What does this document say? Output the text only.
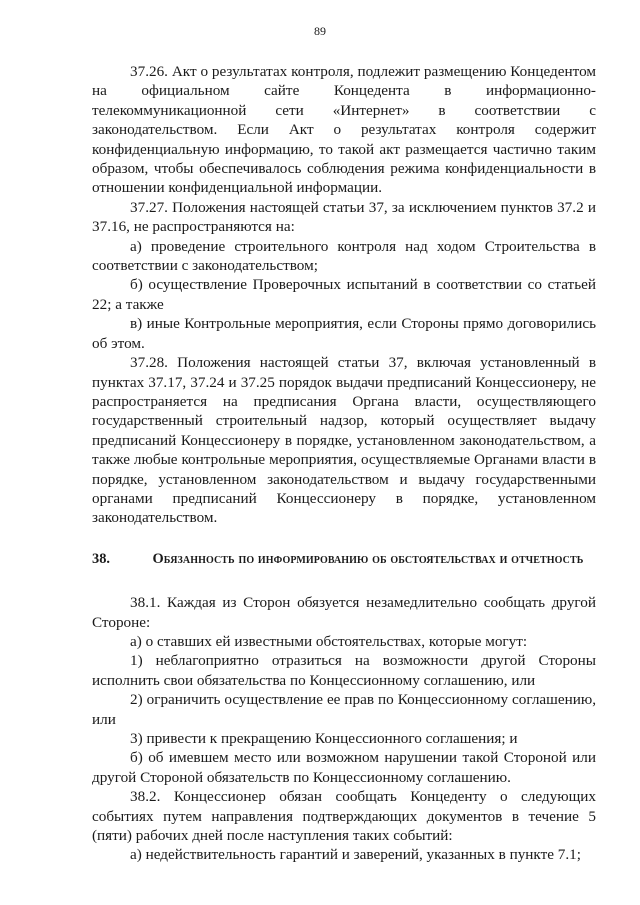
89

37.26. Акт о результатах контроля, подлежит размещению Концедентом на официальном сайте Концедента в информационно-телекоммуникационной сети «Интернет» в соответствии с законодательством. Если Акт о результатах контроля содержит конфиденциальную информацию, то такой акт размещается частично таким образом, чтобы обеспечивалось соблюдения режима конфиденциальности в отношении конфиденциальной информации.

37.27. Положения настоящей статьи 37, за исключением пунктов 37.2 и 37.16, не распространяются на:

а) проведение строительного контроля над ходом Строительства в соответствии с законодательством;

б) осуществление Проверочных испытаний в соответствии со статьей 22; а также

в) иные Контрольные мероприятия, если Стороны прямо договорились об этом.

37.28. Положения настоящей статьи 37, включая установленный в пунктах 37.17, 37.24 и 37.25 порядок выдачи предписаний Концессионеру, не распространяется на предписания Органа власти, осуществляющего государственный строительный надзор, который осуществляет выдачу предписаний Концессионеру в порядке, установленном законодательством, а также любые контрольные мероприятия, осуществляемые Органами власти в порядке, установленном законодательством и выдачу государственными органами предписаний Концессионеру в порядке, установленном законодательством.

38.	Обязанность по информированию об обстоятельствах и отчетность

38.1. Каждая из Сторон обязуется незамедлительно сообщать другой Стороне:

а) о ставших ей известными обстоятельствах, которые могут:

1) неблагоприятно отразиться на возможности другой Стороны исполнить свои обязательства по Концессионному соглашению, или

2) ограничить осуществление ее прав по Концессионному соглашению, или

3) привести к прекращению Концессионного соглашения; и

б) об имевшем место или возможном нарушении такой Стороной или другой Стороной обязательств по Концессионному соглашению.

38.2. Концессионер обязан сообщать Концеденту о следующих событиях путем направления подтверждающих документов в течение 5 (пяти) рабочих дней после наступления таких событий:

а) недействительность гарантий и заверений, указанных в пункте 7.1;
